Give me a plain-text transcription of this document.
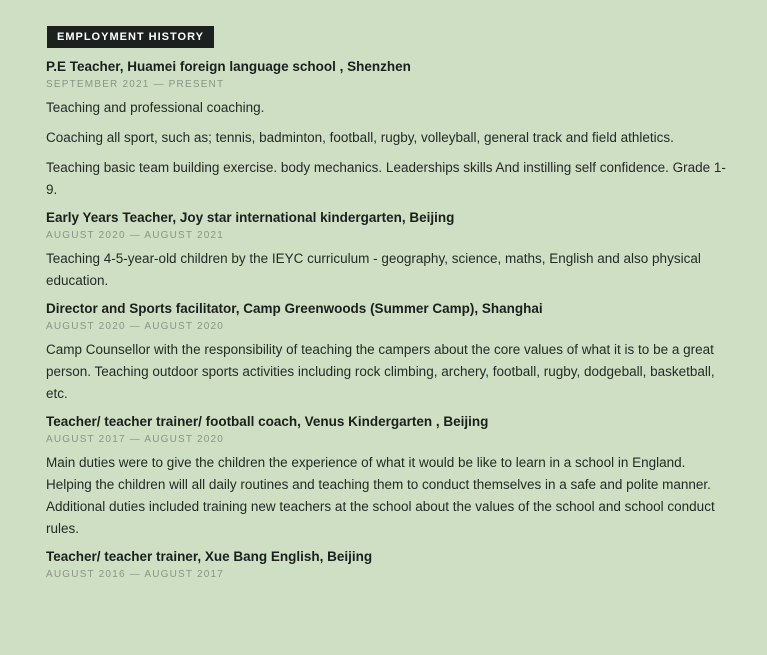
EMPLOYMENT HISTORY

P.E Teacher, Huamei foreign language school , Shenzhen

SEPTEMBER 2021 — PRESENT

Teaching and professional coaching.

Coaching all sport, such as; tennis, badminton, football, rugby, volleyball, general track and field athletics.

Teaching basic team building exercise. body mechanics. Leaderships skills And instilling self confidence. Grade 1-9.

Early Years Teacher, Joy star international kindergarten, Beijing

AUGUST 2020 — AUGUST 2021

Teaching 4-5-year-old children by the IEYC curriculum - geography, science, maths, English and also physical education.

Director and Sports facilitator, Camp Greenwoods (Summer Camp), Shanghai

AUGUST 2020 — AUGUST 2020

Camp Counsellor with the responsibility of teaching the campers about the core values of what it is to be a great person. Teaching outdoor sports activities including rock climbing, archery, football, rugby, dodgeball, basketball, etc.

Teacher/ teacher trainer/ football coach, Venus Kindergarten , Beijing

AUGUST 2017 — AUGUST 2020

Main duties were to give the children the experience of what it would be like to learn in a school in England. Helping the children will all daily routines and teaching them to conduct themselves in a safe and polite manner. Additional duties included training new teachers at the school about the values of the school and school conduct rules.

Teacher/ teacher trainer, Xue Bang English, Beijing

AUGUST 2016 — AUGUST 2017
